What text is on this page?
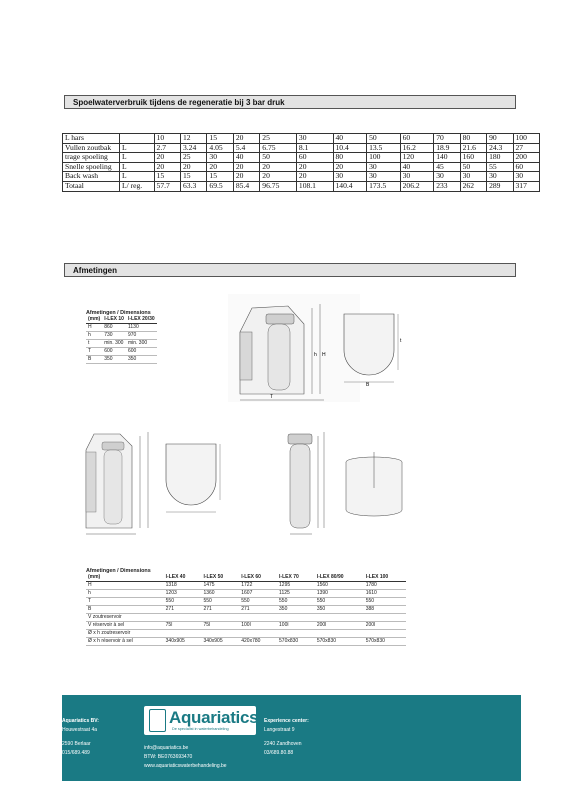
Spoelwaterverbruik tijdens de regeneratie bij 3 bar druk
L hars		10	12	15	20	25	30	40	50	60	70	80	90	100
Vullen zoutbak	L	2.7	3.24	4.05	5.4	6.75	8.1	10.4	13.5	16.2	18.9	21.6	24.3	27
trage spoeling	L	20	25	30	40	50	60	80	100	120	140	160	180	200
Snelle spoeling	L	20	20	20	20	20	20	20	30	40	45	50	55	60
Back wash	L	15	15	15	20	20	20	30	30	30	30	30	30	30
Totaal	L/ reg.	57.7	63.3	69.5	85.4	96.75	108.1	140.4	173.5	206.2	233	262	289	317
Afmetingen
Afmetingen / Dimensions
(mm)	I-LEX 10	I-LEX 20/30
H	860	1130
h	730	970
t	min. 300	min. 300
T	600	600
B	350	350
h H
T
B
t
Afmetingen / Dimensions
(mm)	I-LEX 40	I-LEX 50	I-LEX 60	I-LEX 70	I-LEX 80/90	I-LEX 100
H	1318	1475	1722	1295	1560	1780
h	1203	1360	1607	1125	1390	1610
T	550	550	550	550	550	550
B	271	271	271	350	350	388
V zoutreservoir						
V réservoir à sel	75l	75l	100l	100l	200l	200l
Ø x h zoutreservoir						
Ø x h réservoir à sel	340x905	340x905	420x780	570x830	570x830	570x830
Aquariatics BV:
Houwestraat 4a
2590 Berlaar
015/689.489
Aquariatics
De specialist in waterbehandeling
info@aquariatics.be
BTW: BE0763693470
www.aquariaticswaterbehandeling.be
Experience center:
Langestraat 9
2240 Zandhoven
03/689.80.88
